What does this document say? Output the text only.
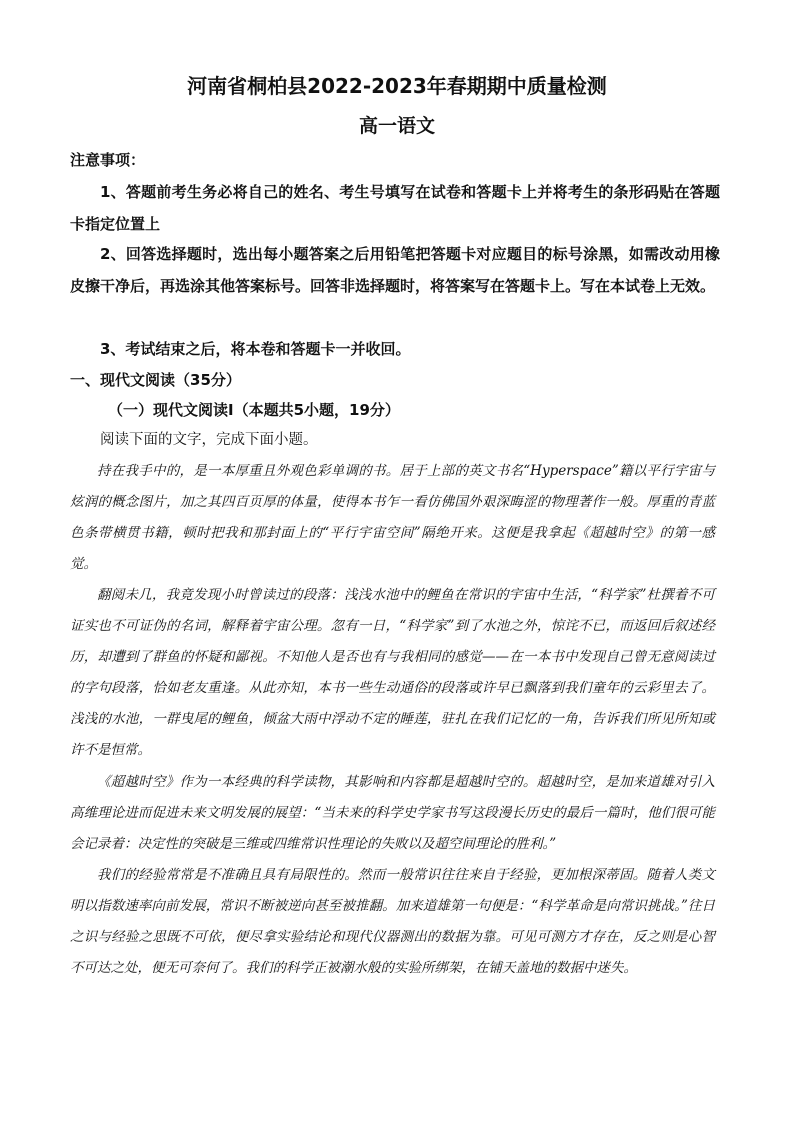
河南省桐柏县2022-2023年春期期中质量检测
高一语文

注意事项：

1、答题前考生务必将自己的姓名、考生号填写在试卷和答题卡上并将考生的条形码贴在答题卡指定位置上

2、回答选择题时，选出每小题答案之后用铅笔把答题卡对应题目的标号涂黑，如需改动用橡皮擦干净后，再选涂其他答案标号。回答非选择题时，将答案写在答题卡上。写在本试卷上无效。

3、考试结束之后，将本卷和答题卡一并收回。

一、现代文阅读（35分）

（一）现代文阅读Ⅰ（本题共5小题，19分）

阅读下面的文字，完成下面小题。

持在我手中的，是一本厚重且外观色彩单调的书。居于上部的英文书名“Hyperspace”籍以平行宇宙与炫润的概念图片，加之其四百页厚的体量，使得本书乍一看仿佛国外艰深晦涩的物理著作一般。厚重的青蓝色条带横贯书籍，顿时把我和那封面上的“平行宇宙空间”隔绝开来。这便是我拿起《超越时空》的第一感觉。

翻阅未几，我竟发现小时曾读过的段落：浅浅水池中的鲤鱼在常识的宇宙中生活，“科学家”杜撰着不可证实也不可证伪的名词，解释着宇宙公理。忽有一日，“科学家”到了水池之外，惊诧不已，而返回后叙述经历，却遭到了群鱼的怀疑和鄙视。不知他人是否也有与我相同的感觉——在一本书中发现自己曾无意阅读过的字句段落，恰如老友重逢。从此亦知，本书一些生动通俗的段落或许早已飘落到我们童年的云彩里去了。浅浅的水池，一群曳尾的鲤鱼，倾盆大雨中浮动不定的睡莲，驻扎在我们记忆的一角，告诉我们所见所知或许不是恒常。

《超越时空》作为一本经典的科学读物，其影响和内容都是超越时空的。超越时空，是加来道雄对引入高维理论进而促进未来文明发展的展望：“当未来的科学史学家书写这段漫长历史的最后一篇时，他们很可能会记录着：决定性的突破是三维或四维常识性理论的失败以及超空间理论的胜利。”

我们的经验常常是不准确且具有局限性的。然而一般常识往往来自于经验，更加根深蒂固。随着人类文明以指数速率向前发展，常识不断被逆向甚至被推翻。加来道雄第一句便是：“科学革命是向常识挑战。”往日之识与经验之思既不可依，便尽拿实验结论和现代仪器测出的数据为靠。可见可测方才存在，反之则是心智不可达之处，便无可奈何了。我们的科学正被潮水般的实验所绑架，在铺天盖地的数据中迷失。
